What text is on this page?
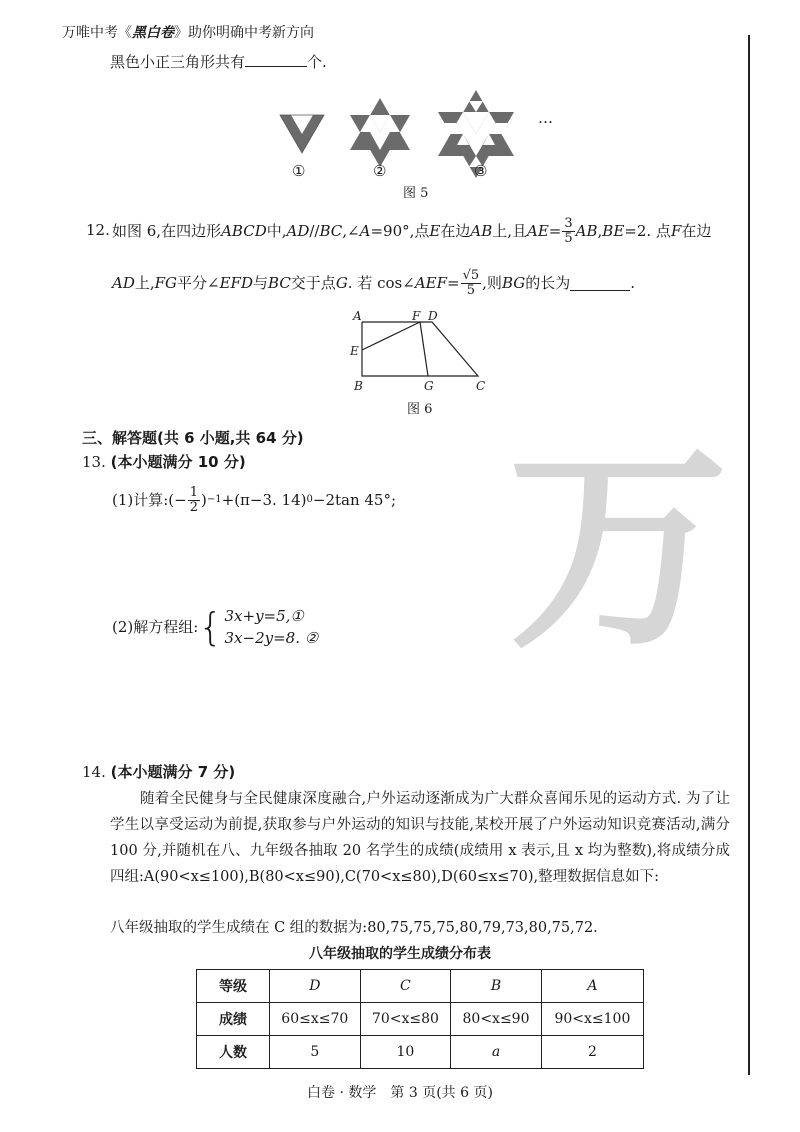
万唯中考《黑白卷》助你明确中考新方向
黑色小正三角形共有	个.
①	②	③
…
图 5
12. 如图 6,在四边形 ABCD 中, AD // BC ,∠ A =90°,点 E 在边 AB 上,且 AE = $\frac{3}{5}$ AB , BE =2. 点 F 在边
AD 上, FG 平分∠ EFD 与 BC 交于点 G . 若 cos∠ AEF = $\frac{√5}{5}$ ,则 BG 的长为	.
A	F D
E
B	G	C
图 6
三、解答题(共 6 小题,共 64 分)
13. (本小题满分 10 分)
(1)计算:(− $\frac{1}{2}$ ) −1 +(π−3. 14) 0 −2tan 45°;
(2)解方程组: { 3x+y=5,①
3x−2y=8. ② 万
14. (本小题满分 7 分)
随着全民健身与全民健康深度融合,户外运动逐渐成为广大群众喜闻乐见的运动方式. 为了让学生以享受运动为前提,获取参与户外运动的知识与技能,某校开展了户外运动知识竞赛活动,满分 100 分,并随机在八、九年级各抽取 20 名学生的成绩(成绩用 x 表示,且 x 均为整数),将成绩分成四组:A(90<x≤100),B(80<x≤90),C(70<x≤80),D(60≤x≤70),整理数据信息如下:
八年级抽取的学生成绩在 C 组的数据为:80,75,75,75,80,79,73,80,75,72.
八年级抽取的学生成绩分布表
等级	D	C	B	A
成绩	60≤x≤70	70<x≤80	80<x≤90	90<x≤100
人数	5	10	a	2
白卷 · 数学　第 3 页(共 6 页)
